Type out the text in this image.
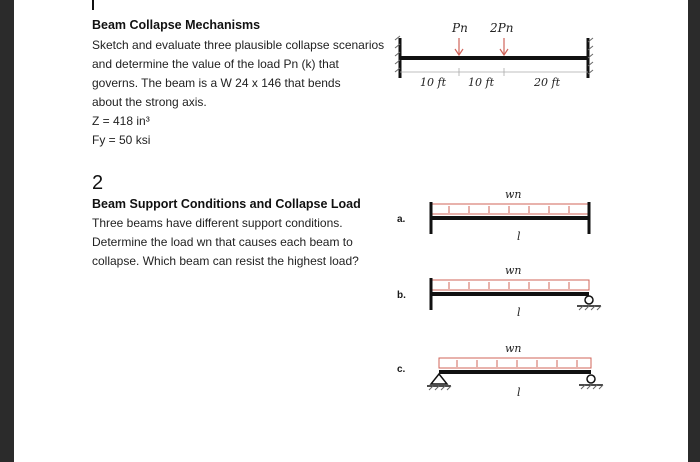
Beam Collapse Mechanisms
Sketch and evaluate three plausible collapse scenarios
and determine the value of the load Pn (k) that
governs. The beam is a W 24 x 146 that bends
about the strong axis.
Z = 418 in³
Fy = 50 ksi
2
Beam Support Conditions and Collapse Load
Three beams have different support conditions.
Determine the load wn that causes each beam to
collapse. Which beam can resist the highest load?
Pn 2Pn
10 ft 10 ft	20 ft
a.
wn
l
b.
wn
l
c.
wn
l
